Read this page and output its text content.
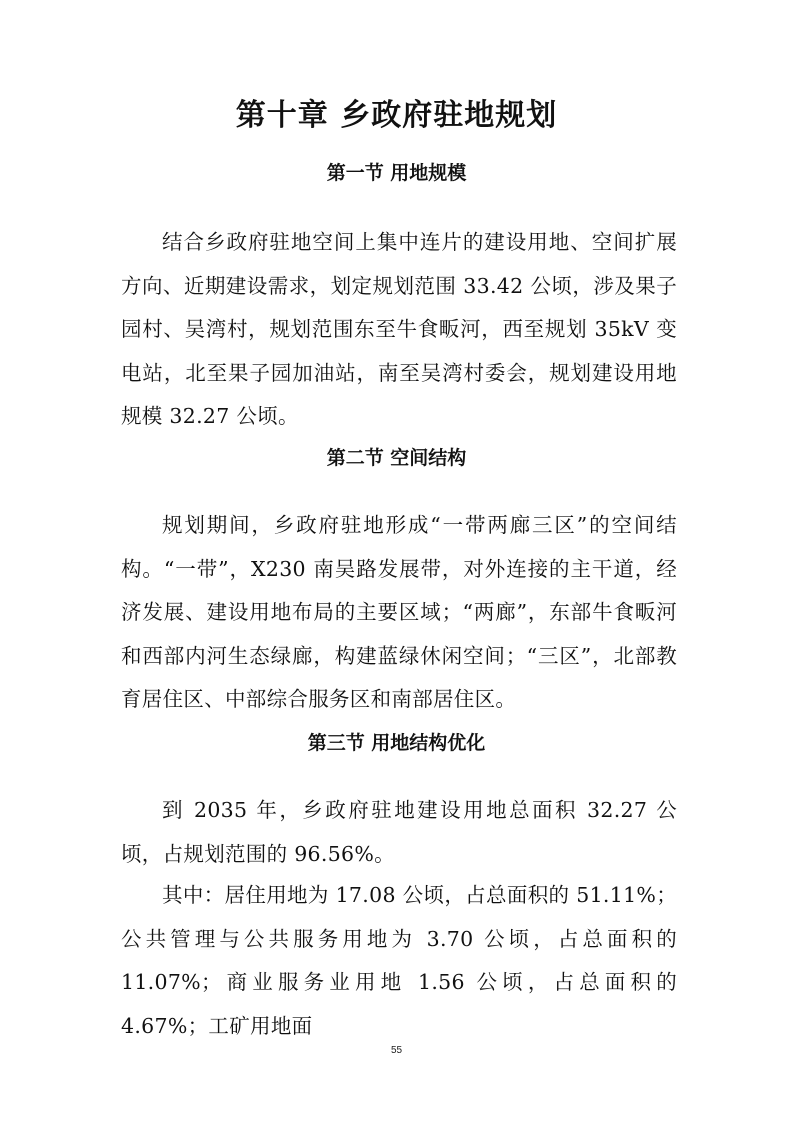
第十章 乡政府驻地规划
第一节 用地规模

结合乡政府驻地空间上集中连片的建设用地、空间扩展方向、近期建设需求，划定规划范围 33.42 公顷，涉及果子园村、吴湾村，规划范围东至牛食畈河，西至规划 35kV 变电站，北至果子园加油站，南至吴湾村委会，规划建设用地规模 32.27 公顷。

第二节 空间结构

规划期间，乡政府驻地形成“一带两廊三区”的空间结构。“一带”，X230 南吴路发展带，对外连接的主干道，经济发展、建设用地布局的主要区域；“两廊”，东部牛食畈河和西部内河生态绿廊，构建蓝绿休闲空间；“三区”，北部教育居住区、中部综合服务区和南部居住区。

第三节 用地结构优化

到 2035 年，乡政府驻地建设用地总面积 32.27 公顷，占规划范围的 96.56%。

其中：居住用地为 17.08 公顷，占总面积的 51.11%；公共管理与公共服务用地为 3.70 公顷，占总面积的 11.07%；商业服务业用地 1.56 公顷，占总面积的 4.67%；工矿用地面

55
